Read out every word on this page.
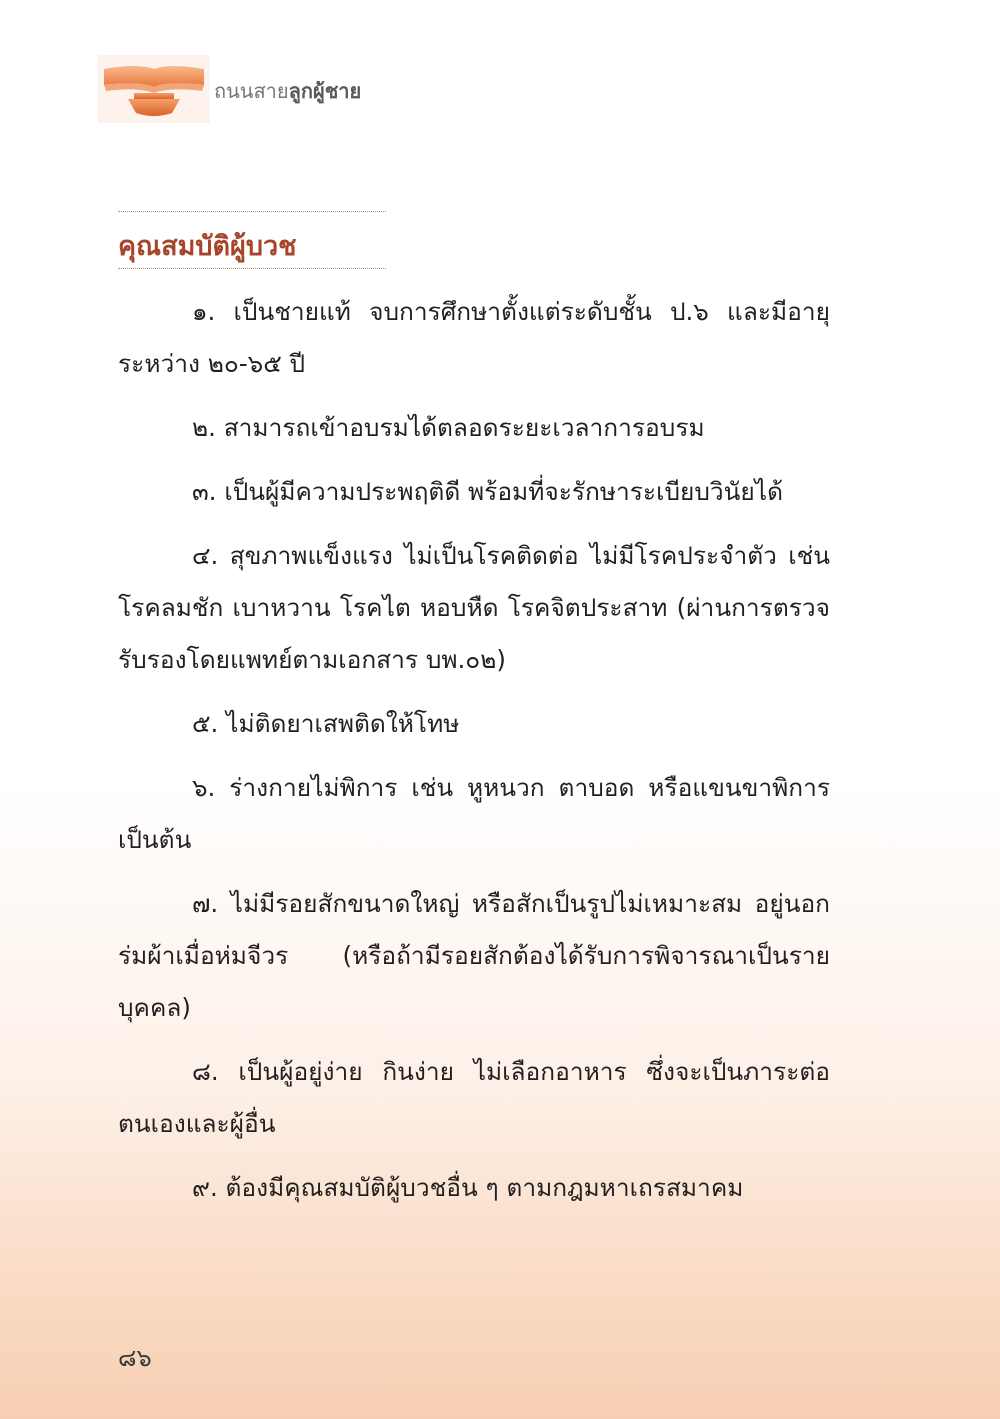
ถนนสายลูกผู้ชาย
คุณสมบัติผู้บวช

๑. เป็นชายแท้ จบการศึกษาตั้งแต่ระดับชั้น ป.๖ และมีอายุระหว่าง ๒๐-๖๕ ปี

๒. สามารถเข้าอบรมได้ตลอดระยะเวลาการอบรม

๓. เป็นผู้มีความประพฤติดี พร้อมที่จะรักษาระเบียบวินัยได้

๔. สุขภาพแข็งแรง ไม่เป็นโรคติดต่อ ไม่มีโรคประจำตัว เช่น โรคลมชัก เบาหวาน โรคไต หอบหืด โรคจิตประสาท (ผ่านการตรวจรับรองโดยแพทย์ตามเอกสาร บพ.๐๒)

๕. ไม่ติดยาเสพติดให้โทษ

๖. ร่างกายไม่พิการ เช่น หูหนวก ตาบอด หรือแขนขาพิการ เป็นต้น

๗. ไม่มีรอยสักขนาดใหญ่ หรือสักเป็นรูปไม่เหมาะสม อยู่นอกร่มผ้าเมื่อห่มจีวร (หรือถ้ามีรอยสักต้องได้รับการพิจารณาเป็นรายบุคคล)

๘. เป็นผู้อยู่ง่าย กินง่าย ไม่เลือกอาหาร ซึ่งจะเป็นภาระต่อตนเองและผู้อื่น

๙. ต้องมีคุณสมบัติผู้บวชอื่น ๆ ตามกฎมหาเถรสมาคม

๘๖
